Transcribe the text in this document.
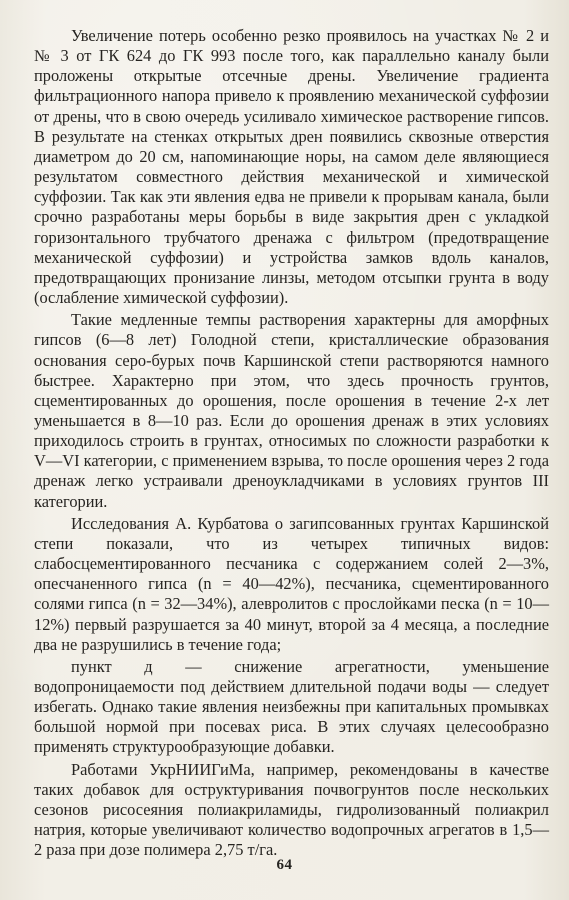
Увеличение потерь особенно резко проявилось на участках № 2 и № 3 от ГК 624 до ГК 993 после того, как параллельно каналу были проложены открытые отсечные дрены. Увеличение градиента фильтрационного напора привело к проявлению механической суффозии от дрены, что в свою очередь усиливало химическое растворение гипсов. В результате на стенках открытых дрен появились сквозные отверстия диаметром до 20 см, напоминающие норы, на самом деле являющиеся результатом совместного действия механической и химической суффозии. Так как эти явления едва не привели к прорывам канала, были срочно разработаны меры борьбы в виде закрытия дрен с укладкой горизонтального трубчатого дренажа с фильтром (предотвращение механической суффозии) и устройства замков вдоль каналов, предотвращающих пронизание линзы, методом отсыпки грунта в воду (ослабление химической суффозии).

Такие медленные темпы растворения характерны для аморфных гипсов (6—8 лет) Голодной степи, кристаллические образования основания серо-бурых почв Каршинской степи растворяются намного быстрее. Характерно при этом, что здесь прочность грунтов, сцементированных до орошения, после орошения в течение 2-х лет уменьшается в 8—10 раз. Если до орошения дренаж в этих условиях приходилось строить в грунтах, относимых по сложности разработки к V—VI категории, с применением взрыва, то после орошения через 2 года дренаж легко устраивали дреноукладчиками в условиях грунтов III категории.

Исследования А. Курбатова о загипсованных грунтах Каршинской степи показали, что из четырех типичных видов: слабосцементированного песчаника с содержанием солей 2—3%, опесчаненного гипса (n = 40—42%), песчаника, сцементированного солями гипса (n = 32—34%), алевролитов с прослойками песка (n = 10—12%) первый разрушается за 40 минут, второй за 4 месяца, а последние два не разрушились в течение года;

пункт д — снижение агрегатности, уменьшение водопроницаемости под действием длительной подачи воды — следует избегать. Однако такие явления неизбежны при капитальных промывках большой нормой при посевах риса. В этих случаях целесообразно применять структурообразующие добавки.

Работами УкрНИИГиМа, например, рекомендованы в качестве таких добавок для оструктуривания почвогрунтов после нескольких сезонов рисосеяния полиакриламиды, гидролизованный полиакрил натрия, которые увеличивают количество водопрочных агрегатов в 1,5—2 раза при дозе полимера 2,75 т/га.

64
